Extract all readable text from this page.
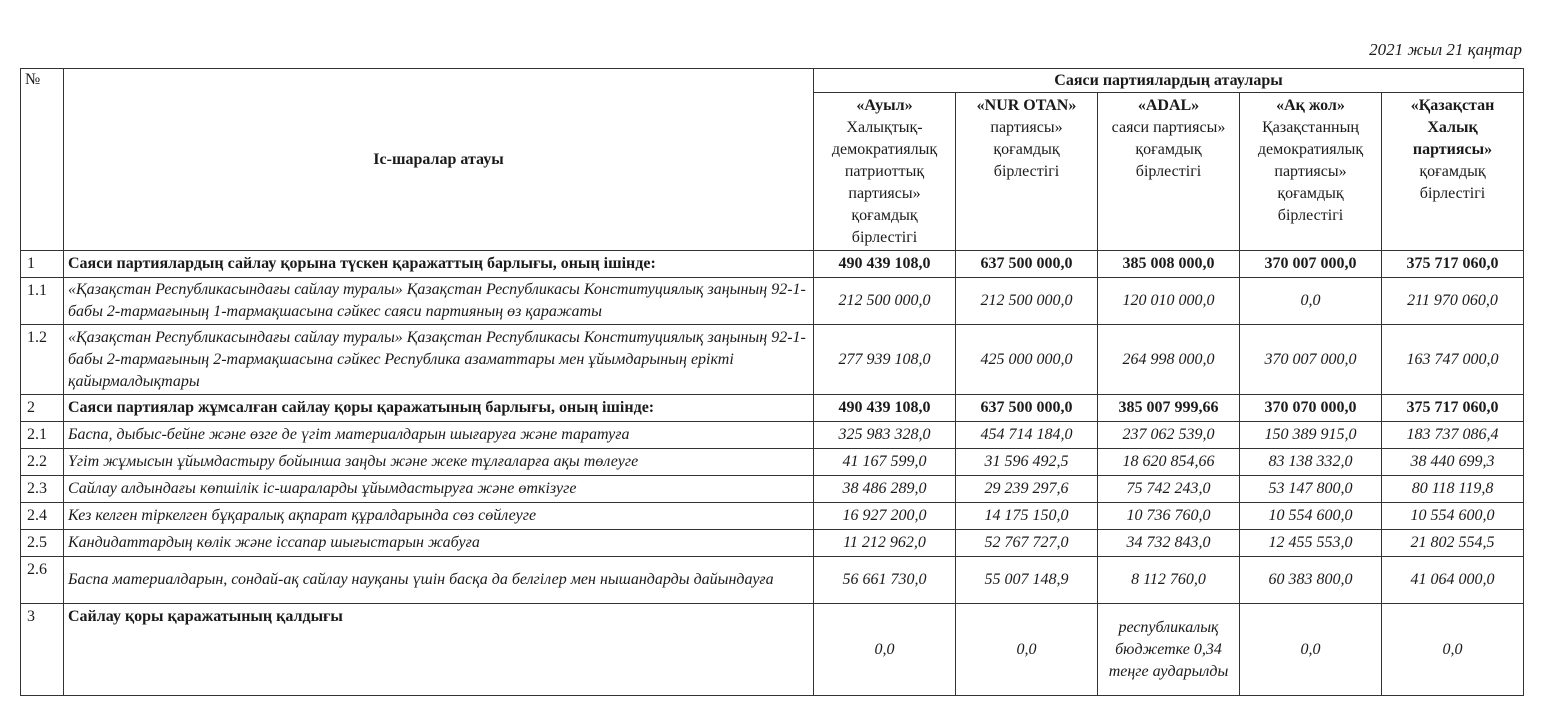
2021 жыл 21 қаңтар
№	Іс-шаралар атауы	Саяси партиялардың атаулары
«Ауыл»
Халықтық-демократиялық патриоттық партиясы» қоғамдық бірлестігі	«NUR OTAN»
партиясы» қоғамдық бірлестігі	«ADAL»
саяси партиясы» қоғамдық бірлестігі	«Ақ жол»
Қазақстанның демократиялық партиясы» қоғамдық бірлестігі	«Қазақстан Халық партиясы»
қоғамдық бірлестігі
1	Саяси партиялардың сайлау қорына түскен қаражаттың барлығы, оның ішінде:	490 439 108,0	637 500 000,0	385 008 000,0	370 007 000,0	375 717 060,0
1.1	«Қазақстан Республикасындағы сайлау туралы» Қазақстан Республикасы Конституциялық заңының 92-1-бабы 2-тармағының 1-тармақшасына сәйкес саяси партияның өз қаражаты	212 500 000,0	212 500 000,0	120 010 000,0	0,0	211 970 060,0
1.2	«Қазақстан Республикасындағы сайлау туралы» Қазақстан Республикасы Конституциялық заңының 92-1-бабы 2-тармағының 2-тармақшасына сәйкес Республика азаматтары мен ұйымдарының ерікті қайырмалдықтары	277 939 108,0	425 000 000,0	264 998 000,0	370 007 000,0	163 747 000,0
2	Саяси партиялар жұмсалған сайлау қоры қаражатының барлығы, оның ішінде:	490 439 108,0	637 500 000,0	385 007 999,66	370 070 000,0	375 717 060,0
2.1	Баспа, дыбыс-бейне және өзге де үгіт материалдарын шығаруға және таратуға	325 983 328,0	454 714 184,0	237 062 539,0	150 389 915,0	183 737 086,4
2.2	Үгіт жұмысын ұйымдастыру бойынша заңды және жеке тұлғаларға ақы төлеуге	41 167 599,0	31 596 492,5	18 620 854,66	83 138 332,0	38 440 699,3
2.3	Сайлау алдындағы көпшілік іс-шараларды ұйымдастыруға және өткізуге	38 486 289,0	29 239 297,6	75 742 243,0	53 147 800,0	80 118 119,8
2.4	Кез келген тіркелген бұқаралық ақпарат құралдарында сөз сөйлеуге	16 927 200,0	14 175 150,0	10 736 760,0	10 554 600,0	10 554 600,0
2.5	Кандидаттардың көлік және іссапар шығыстарын жабуға	11 212 962,0	52 767 727,0	34 732 843,0	12 455 553,0	21 802 554,5
2.6	Баспа материалдарын, сондай-ақ сайлау науқаны үшін басқа да белгілер мен нышандарды дайындауға	56 661 730,0	55 007 148,9	8 112 760,0	60 383 800,0	41 064 000,0
3	Сайлау қоры қаражатының қалдығы	0,0	0,0	республикалық бюджетке 0,34 теңге аударылды	0,0	0,0
